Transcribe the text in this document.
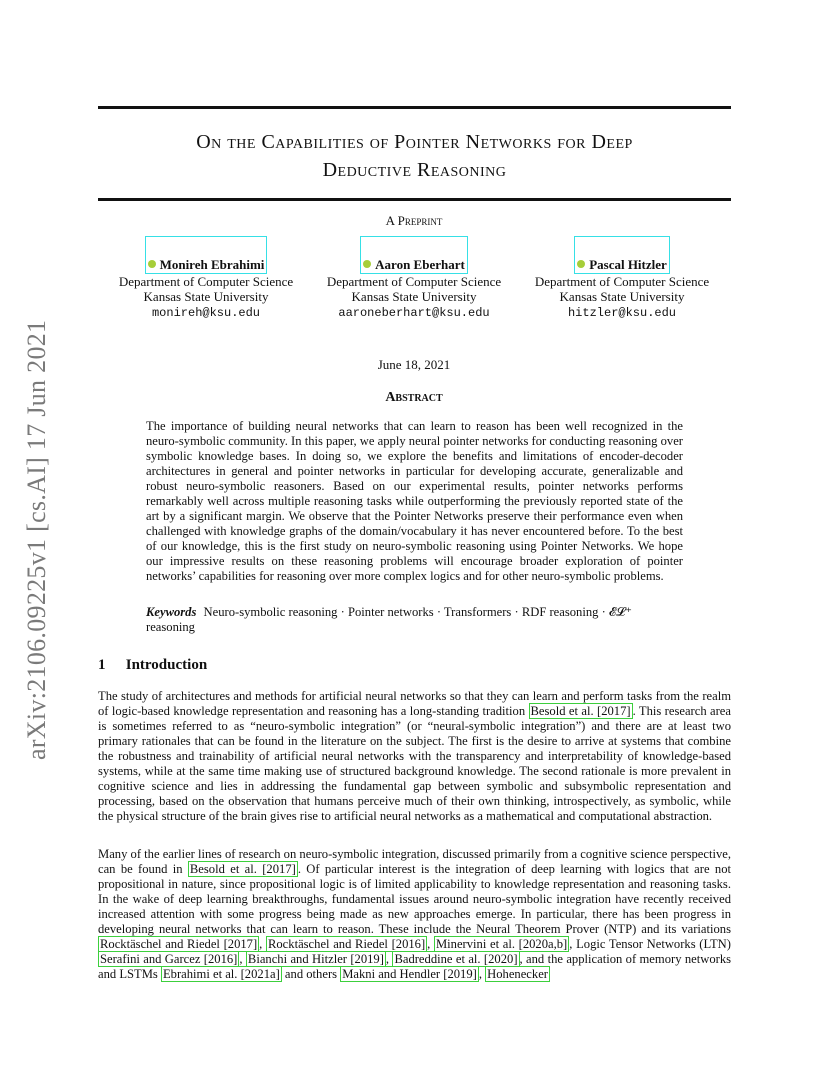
arXiv:2106.09225v1 [cs.AI] 17 Jun 2021
On the Capabilities of Pointer Networks for Deep
Deductive Reasoning
A Preprint
Monireh Ebrahimi
Department of Computer Science
Kansas State University
monireh@ksu.edu
Aaron Eberhart
Department of Computer Science
Kansas State University
aaroneberhart@ksu.edu
Pascal Hitzler
Department of Computer Science
Kansas State University
hitzler@ksu.edu
June 18, 2021
Abstract
The importance of building neural networks that can learn to reason has been well recognized in the neuro-symbolic community. In this paper, we apply neural pointer networks for conducting reasoning over symbolic knowledge bases. In doing so, we explore the benefits and limitations of encoder-decoder architectures in general and pointer networks in particular for developing accurate, generalizable and robust neuro-symbolic reasoners. Based on our experimental results, pointer networks performs remarkably well across multiple reasoning tasks while outperforming the previously reported state of the art by a significant margin. We observe that the Pointer Networks preserve their performance even when challenged with knowledge graphs of the domain/vocabulary it has never encountered before. To the best of our knowledge, this is the first study on neuro-symbolic reasoning using Pointer Networks. We hope our impressive results on these reasoning problems will encourage broader exploration of pointer networks’ capabilities for reasoning over more complex logics and for other neuro-symbolic problems.
Keywords Neuro-symbolic reasoning · Pointer networks · Transformers · RDF reasoning · 𝓔𝓛⁺ reasoning
1 Introduction
The study of architectures and methods for artificial neural networks so that they can learn and perform tasks from the realm of logic-based knowledge representation and reasoning has a long-standing tradition Besold et al. [2017] . This research area is sometimes referred to as “neuro-symbolic integration” (or “neural-symbolic integration”) and there are at least two primary rationales that can be found in the literature on the subject. The first is the desire to arrive at systems that combine the robustness and trainability of artificial neural networks with the transparency and interpretability of knowledge-based systems, while at the same time making use of structured background knowledge. The second rationale is more prevalent in cognitive science and lies in addressing the fundamental gap between symbolic and subsymbolic representation and processing, based on the observation that humans perceive much of their own thinking, introspectively, as symbolic, while the physical structure of the brain gives rise to artificial neural networks as a mathematical and computational abstraction.
Many of the earlier lines of research on neuro-symbolic integration, discussed primarily from a cognitive science perspective, can be found in Besold et al. [2017] . Of particular interest is the integration of deep learning with logics that are not propositional in nature, since propositional logic is of limited applicability to knowledge representation and reasoning tasks. In the wake of deep learning breakthroughs, fundamental issues around neuro-symbolic integration have recently received increased attention with some progress being made as new approaches emerge. In particular, there has been progress in developing neural networks that can learn to reason. These include the Neural Theorem Prover (NTP) and its variations Rocktäschel and Riedel [2017] , Rocktäschel and Riedel [2016] , Minervini et al. [2020a,b] , Logic Tensor Networks (LTN) Serafini and Garcez [2016] , Bianchi and Hitzler [2019] , Badreddine et al. [2020] , and the application of memory networks and LSTMs Ebrahimi et al. [2021a] and others Makni and Hendler [2019] , Hohenecker
